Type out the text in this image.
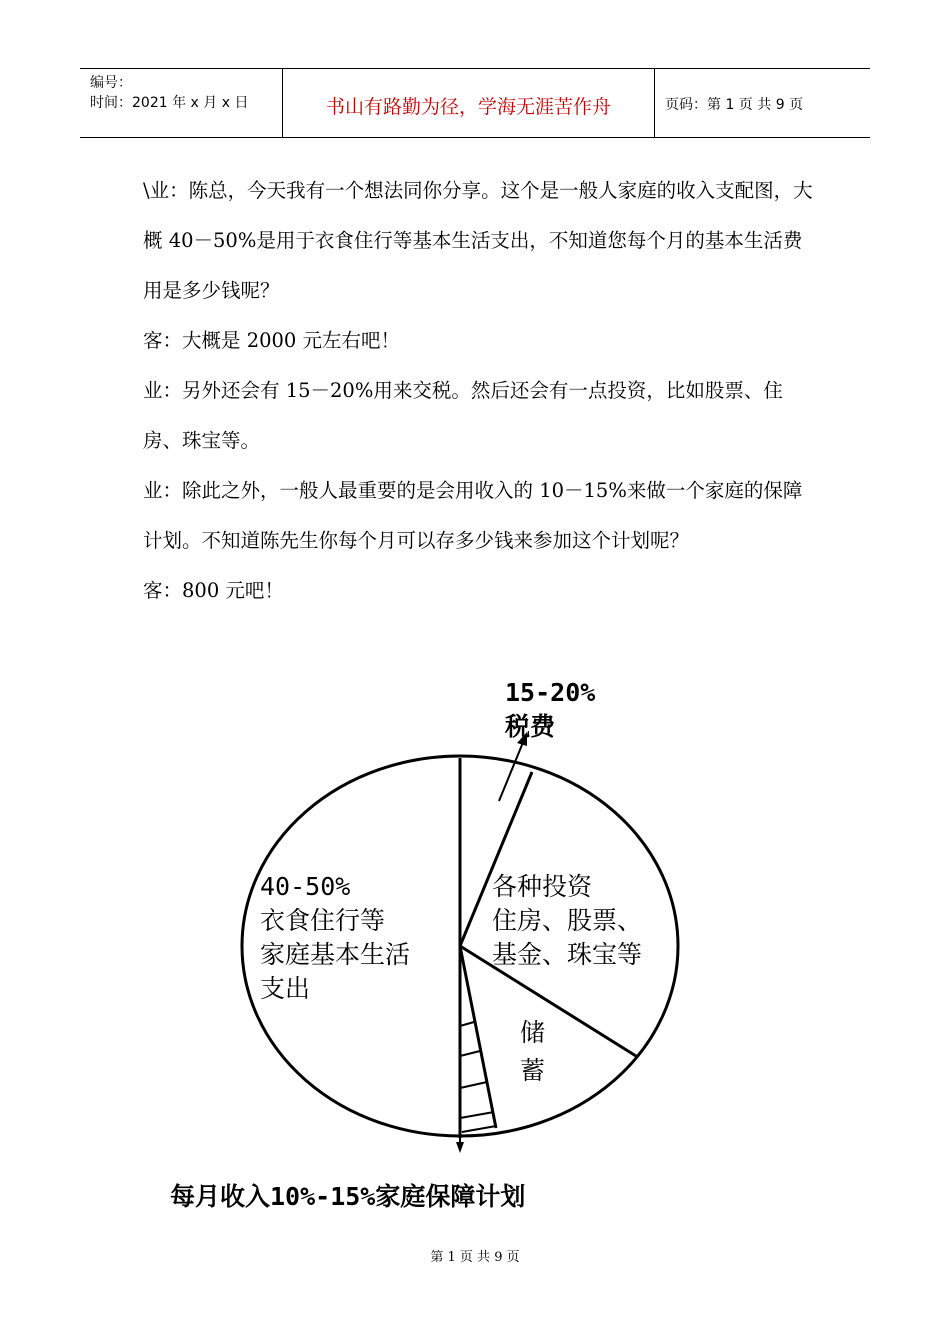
编号：
时间：2021 年 x 月 x 日	书山有路勤为径，学海无涯苦作舟	页码：第 1 页 共 9 页

\业：陈总，今天我有一个想法同你分享。这个是一般人家庭的收入支配图，大概 40－50%是用于衣食住行等基本生活支出，不知道您每个月的基本生活费用是多少钱呢？

客：大概是 2000 元左右吧！

业：另外还会有 15－20%用来交税。然后还会有一点投资，比如股票、住房、珠宝等。

业：除此之外，一般人最重要的是会用收入的 10－15%来做一个家庭的保障计划。不知道陈先生你每个月可以存多少钱来参加这个计划呢？

客：800 元吧！

15-20%
税费
40-50%
衣食住行等
家庭基本生活
支出
各种投资
住房、股票、
基金、珠宝等
储
蓄
每月收入10%-15%家庭保障计划
第 1 页 共 9 页
